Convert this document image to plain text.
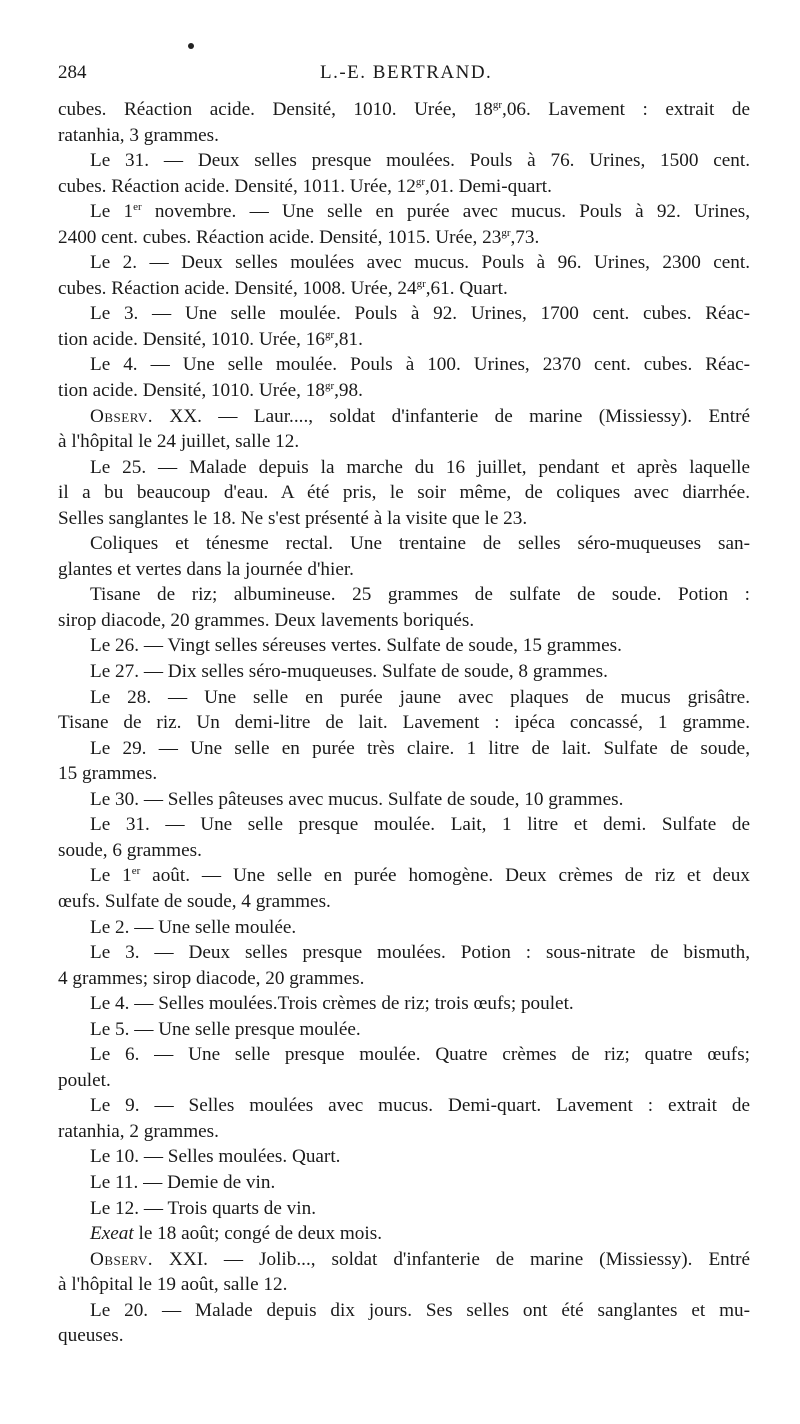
284	L.-E. BERTRAND.
cubes. Réaction acide. Densité, 1010. Urée, $18^{gr},06$. Lavement : extrait de
ratanhia, 3 grammes.
Le 31. — Deux selles presque moulées. Pouls à 76. Urines, 1500 cent.
cubes. Réaction acide. Densité, 1011. Urée, $12^{gr},01$. Demi-quart.
Le 1er novembre. — Une selle en purée avec mucus. Pouls à 92. Urines,
2400 cent. cubes. Réaction acide. Densité, 1015. Urée, $23^{gr},73$.
Le 2. — Deux selles moulées avec mucus. Pouls à 96. Urines, 2300 cent.
cubes. Réaction acide. Densité, 1008. Urée, $24^{gr},61$. Quart.
Le 3. — Une selle moulée. Pouls à 92. Urines, 1700 cent. cubes. Réac-
tion acide. Densité, 1010. Urée, $16^{gr},81$.
Le 4. — Une selle moulée. Pouls à 100. Urines, 2370 cent. cubes. Réac-
tion acide. Densité, 1010. Urée, $18^{gr},98$.
Observ. XX. — Laur...., soldat d'infanterie de marine (Missiessy). Entré
à l'hôpital le 24 juillet, salle 12.
Le 25. — Malade depuis la marche du 16 juillet, pendant et après laquelle
il a bu beaucoup d'eau. A été pris, le soir même, de coliques avec diarrhée.
Selles sanglantes le 18. Ne s'est présenté à la visite que le 23.
Coliques et ténesme rectal. Une trentaine de selles séro-muqueuses san-
glantes et vertes dans la journée d'hier.
Tisane de riz; albumineuse. 25 grammes de sulfate de soude. Potion :
sirop diacode, 20 grammes. Deux lavements boriqués.
Le 26. — Vingt selles séreuses vertes. Sulfate de soude, 15 grammes.
Le 27. — Dix selles séro-muqueuses. Sulfate de soude, 8 grammes.
Le 28. — Une selle en purée jaune avec plaques de mucus grisâtre.
Tisane de riz. Un demi-litre de lait. Lavement : ipéca concassé, 1 gramme.
Le 29. — Une selle en purée très claire. 1 litre de lait. Sulfate de soude,
15 grammes.
Le 30. — Selles pâteuses avec mucus. Sulfate de soude, 10 grammes.
Le 31. — Une selle presque moulée. Lait, 1 litre et demi. Sulfate de
soude, 6 grammes.
Le 1er août. — Une selle en purée homogène. Deux crèmes de riz et deux
œufs. Sulfate de soude, 4 grammes.
Le 2. — Une selle moulée.
Le 3. — Deux selles presque moulées. Potion : sous-nitrate de bismuth,
4 grammes; sirop diacode, 20 grammes.
Le 4. — Selles moulées.Trois crèmes de riz; trois œufs; poulet.
Le 5. — Une selle presque moulée.
Le 6. — Une selle presque moulée. Quatre crèmes de riz; quatre œufs;
poulet.
Le 9. — Selles moulées avec mucus. Demi-quart. Lavement : extrait de
ratanhia, 2 grammes.
Le 10. — Selles moulées. Quart.
Le 11. — Demie de vin.
Le 12. — Trois quarts de vin.
Exeat le 18 août; congé de deux mois.
Observ. XXI. — Jolib..., soldat d'infanterie de marine (Missiessy). Entré
à l'hôpital le 19 août, salle 12.
Le 20. — Malade depuis dix jours. Ses selles ont été sanglantes et mu-
queuses.
